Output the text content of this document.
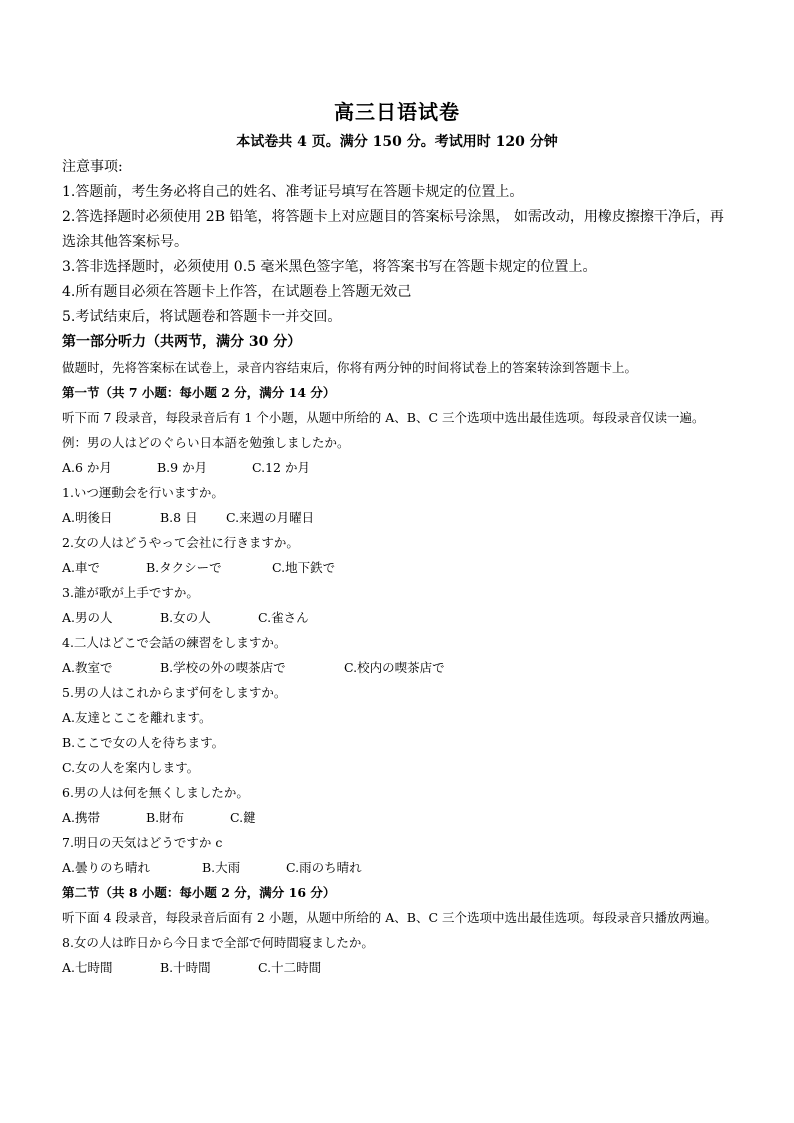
高三日语试卷
本试卷共 4 页。满分 150 分。考试用时 120 分钟
注意事项:
1.答题前，考生务必将自己的姓名、准考证号填写在答题卡规定的位置上。
2.答选择题时必须使用 2B 铅笔，将答题卡上对应题目的答案标号涂黑， 如需改动，用橡皮擦擦干净后，再选涂其他答案标号。
3.答非选择题时，必须使用 0.5 毫米黑色签字笔，将答案书写在答题卡规定的位置上。
4.所有题目必须在答题卡上作答，在试题卷上答题无效己
5.考试结束后，将试题卷和答题卡一并交回。
第一部分听力（共两节，满分 30 分）
做题时，先将答案标在试卷上，录音内容结束后，你将有两分钟的时间将试卷上的答案转涂到答题卡上。
第一节（共 7 小题：每小题 2 分，满分 14 分）
听下而 7 段录音，每段录音后有 1 个小题，从题中所给的 A、B、C 三个选项中选出最佳选项。每段录音仅读一遍。
例：男の人はどのぐらい日本語を勉強しましたか。
A.6 か月	B.9 か月	C.12 か月
1.いつ運動会を行いますか。
A.明後日	B.8 日 C.来週の月曜日
2.女の人はどうやって会社に行きますか。
A.車で	B.タクシーで	C.地下鉄で
3.誰が歌が上手ですか。
A.男の人	B.女の人	C.雀さん
4.二人はどこで会話の練習をしますか。
A.教室で	B.学校の外の喫茶店で	C.校内の喫茶店で
5.男の人はこれからまず何をしますか。
A.友達とここを離れます。
B.ここで女の人を待ちます。
C.女の人を案内します。
6.男の人は何を無くしましたか。
A.携帯	B.財布	C.鍵
7.明日の天気はどうですか c
A.曇りのち晴れ	B.大雨	C.雨のち晴れ
第二节（共 8 小题：每小题 2 分，满分 16 分）
听下面 4 段录音，每段录音后面有 2 小题，从题中所给的 A、B、C 三个选项中选出最佳选项。每段录音只播放两遍。
8.女の人は昨日から今日まで全部で何時間寝ましたか。
A.七時間	B.十時間	C.十二時間
